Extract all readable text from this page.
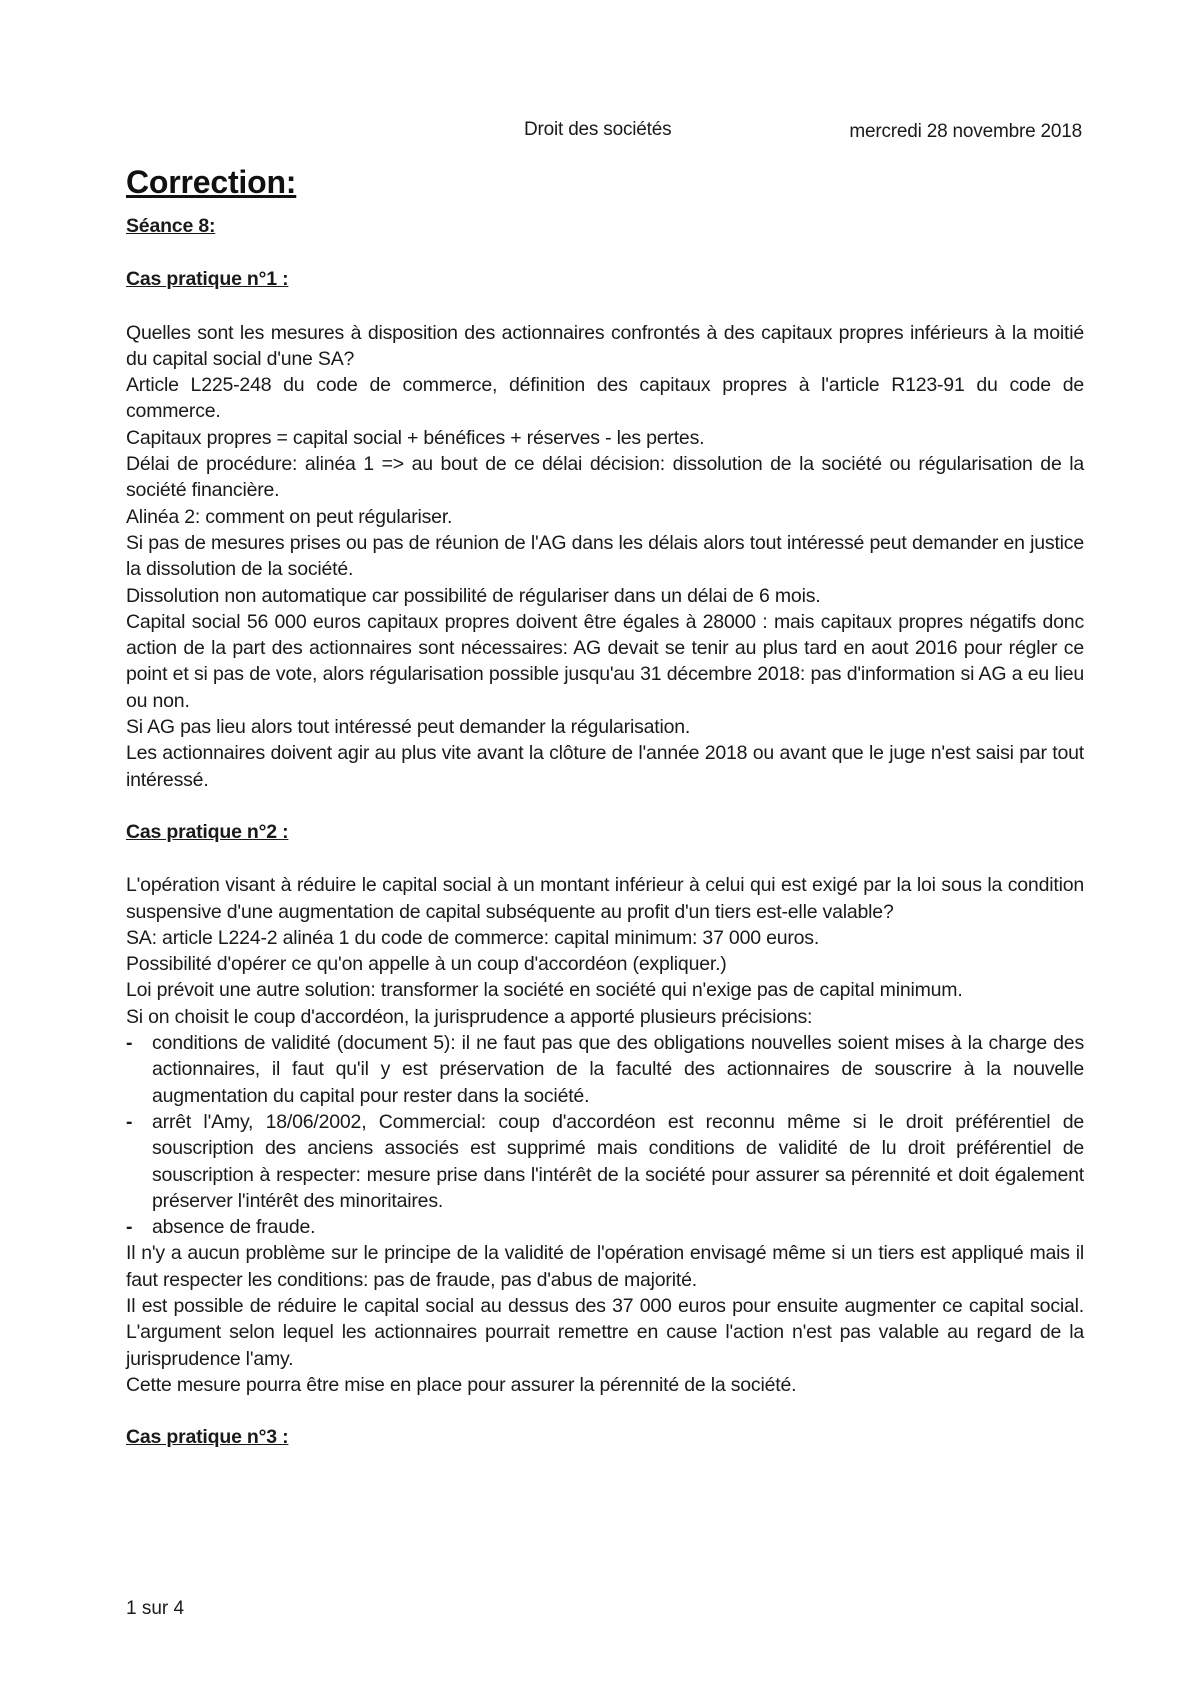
Droit des sociétés	mercredi 28 novembre 2018
Correction:
Séance 8:
Cas pratique n°1 :

Quelles sont les mesures à disposition des actionnaires confrontés à des capitaux propres inférieurs à la moitié du capital social d'une SA?

Article L225-248 du code de commerce, définition des capitaux propres à l'article R123-91 du code de commerce.

Capitaux propres = capital social + bénéfices + réserves - les pertes.

Délai de procédure: alinéa 1 => au bout de ce délai décision: dissolution de la société ou régularisation de la société financière.

Alinéa 2: comment on peut régulariser.

Si pas de mesures prises ou pas de réunion de l'AG dans les délais alors tout intéressé peut demander en justice la dissolution de la société.

Dissolution non automatique car possibilité de régulariser dans un délai de 6 mois.

Capital social 56 000 euros capitaux propres doivent être égales à 28000 : mais capitaux propres négatifs donc action de la part des actionnaires sont nécessaires: AG devait se tenir au plus tard en aout 2016 pour régler ce point et si pas de vote, alors régularisation possible jusqu'au 31 décembre 2018: pas d'information si AG a eu lieu ou non.

Si AG pas lieu alors tout intéressé peut demander la régularisation.

Les actionnaires doivent agir au plus vite avant la clôture de l'année 2018 ou avant que le juge n'est saisi par tout intéressé.

Cas pratique n°2 :

L'opération visant à réduire le capital social à un montant inférieur à celui qui est exigé par la loi sous la condition suspensive d'une augmentation de capital subséquente au profit d'un tiers est-elle valable?

SA: article L224-2 alinéa 1 du code de commerce: capital minimum: 37 000 euros.

Possibilité d'opérer ce qu'on appelle à un coup d'accordéon (expliquer.)

Loi prévoit une autre solution: transformer la société en société qui n'exige pas de capital minimum.

Si on choisit le coup d'accordéon, la jurisprudence a apporté plusieurs précisions:

- conditions de validité (document 5): il ne faut pas que des obligations nouvelles soient mises à la charge des actionnaires, il faut qu'il y est préservation de la faculté des actionnaires de souscrire à la nouvelle augmentation du capital pour rester dans la société.
- arrêt l'Amy, 18/06/2002, Commercial: coup d'accordéon est reconnu même si le droit préférentiel de souscription des anciens associés est supprimé mais conditions de validité de lu droit préférentiel de souscription à respecter: mesure prise dans l'intérêt de la société pour assurer sa pérennité et doit également préserver l'intérêt des minoritaires.
- absence de fraude.

Il n'y a aucun problème sur le principe de la validité de l'opération envisagé même si un tiers est appliqué mais il faut respecter les conditions: pas de fraude, pas d'abus de majorité.

Il est possible de réduire le capital social au dessus des 37 000 euros pour ensuite augmenter ce capital social. L'argument selon lequel les actionnaires pourrait remettre en cause l'action n'est pas valable au regard de la jurisprudence l'amy.

Cette mesure pourra être mise en place pour assurer la pérennité de la société.

Cas pratique n°3 :
1 sur 4
